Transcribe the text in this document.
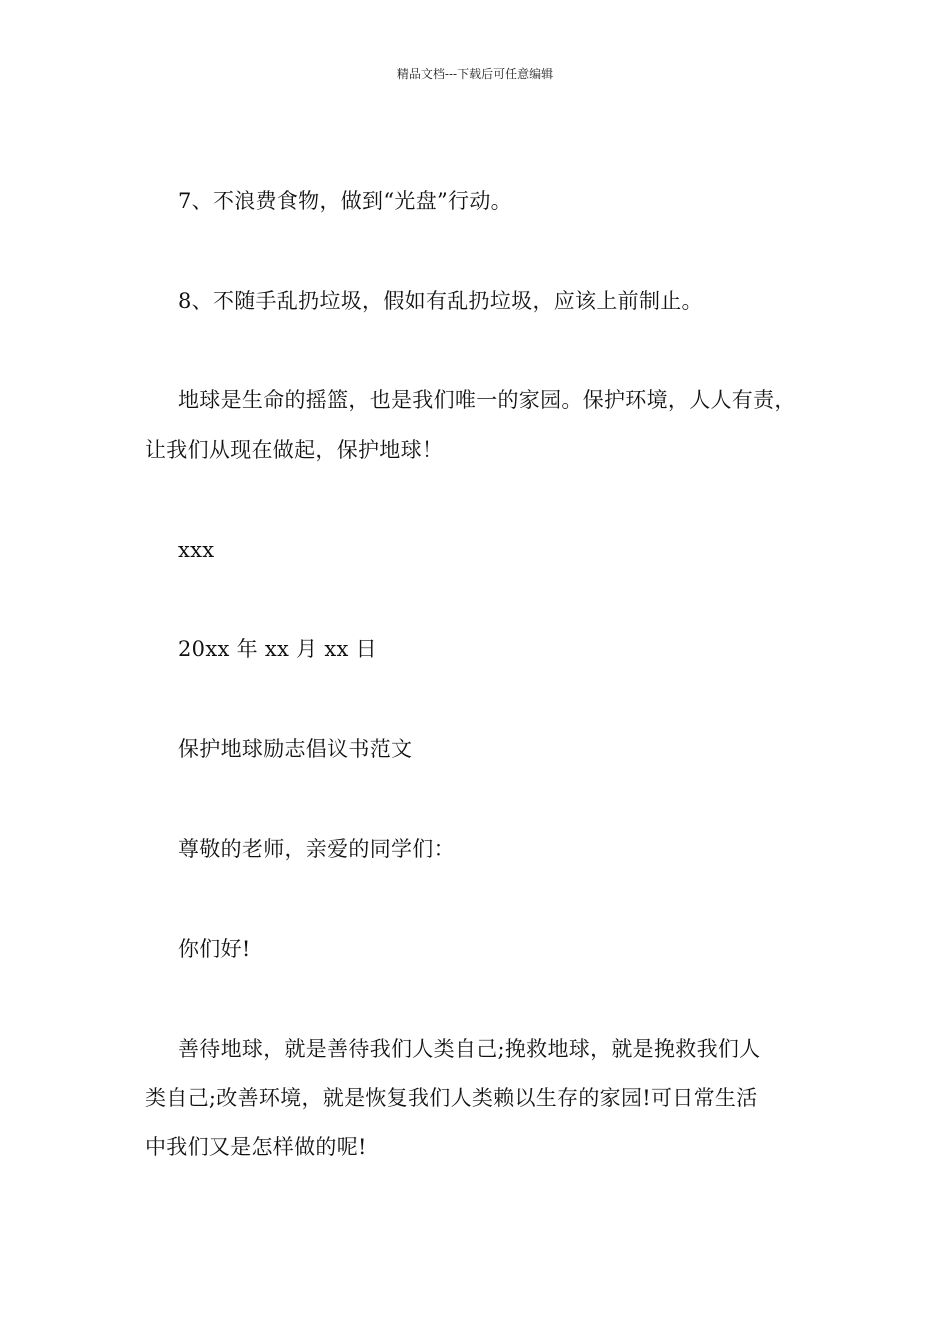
精品文档---下载后可任意编辑
7、不浪费食物，做到“光盘”行动。
8、不随手乱扔垃圾，假如有乱扔垃圾，应该上前制止。
地球是生命的摇篮，也是我们唯一的家园。保护环境，人人有责，
让我们从现在做起，保护地球！
xxx
20xx 年 xx 月 xx 日
保护地球励志倡议书范文
尊敬的老师，亲爱的同学们：
你们好!
善待地球，就是善待我们人类自己;挽救地球，就是挽救我们人
类自己;改善环境，就是恢复我们人类赖以生存的家园!可日常生活
中我们又是怎样做的呢!
